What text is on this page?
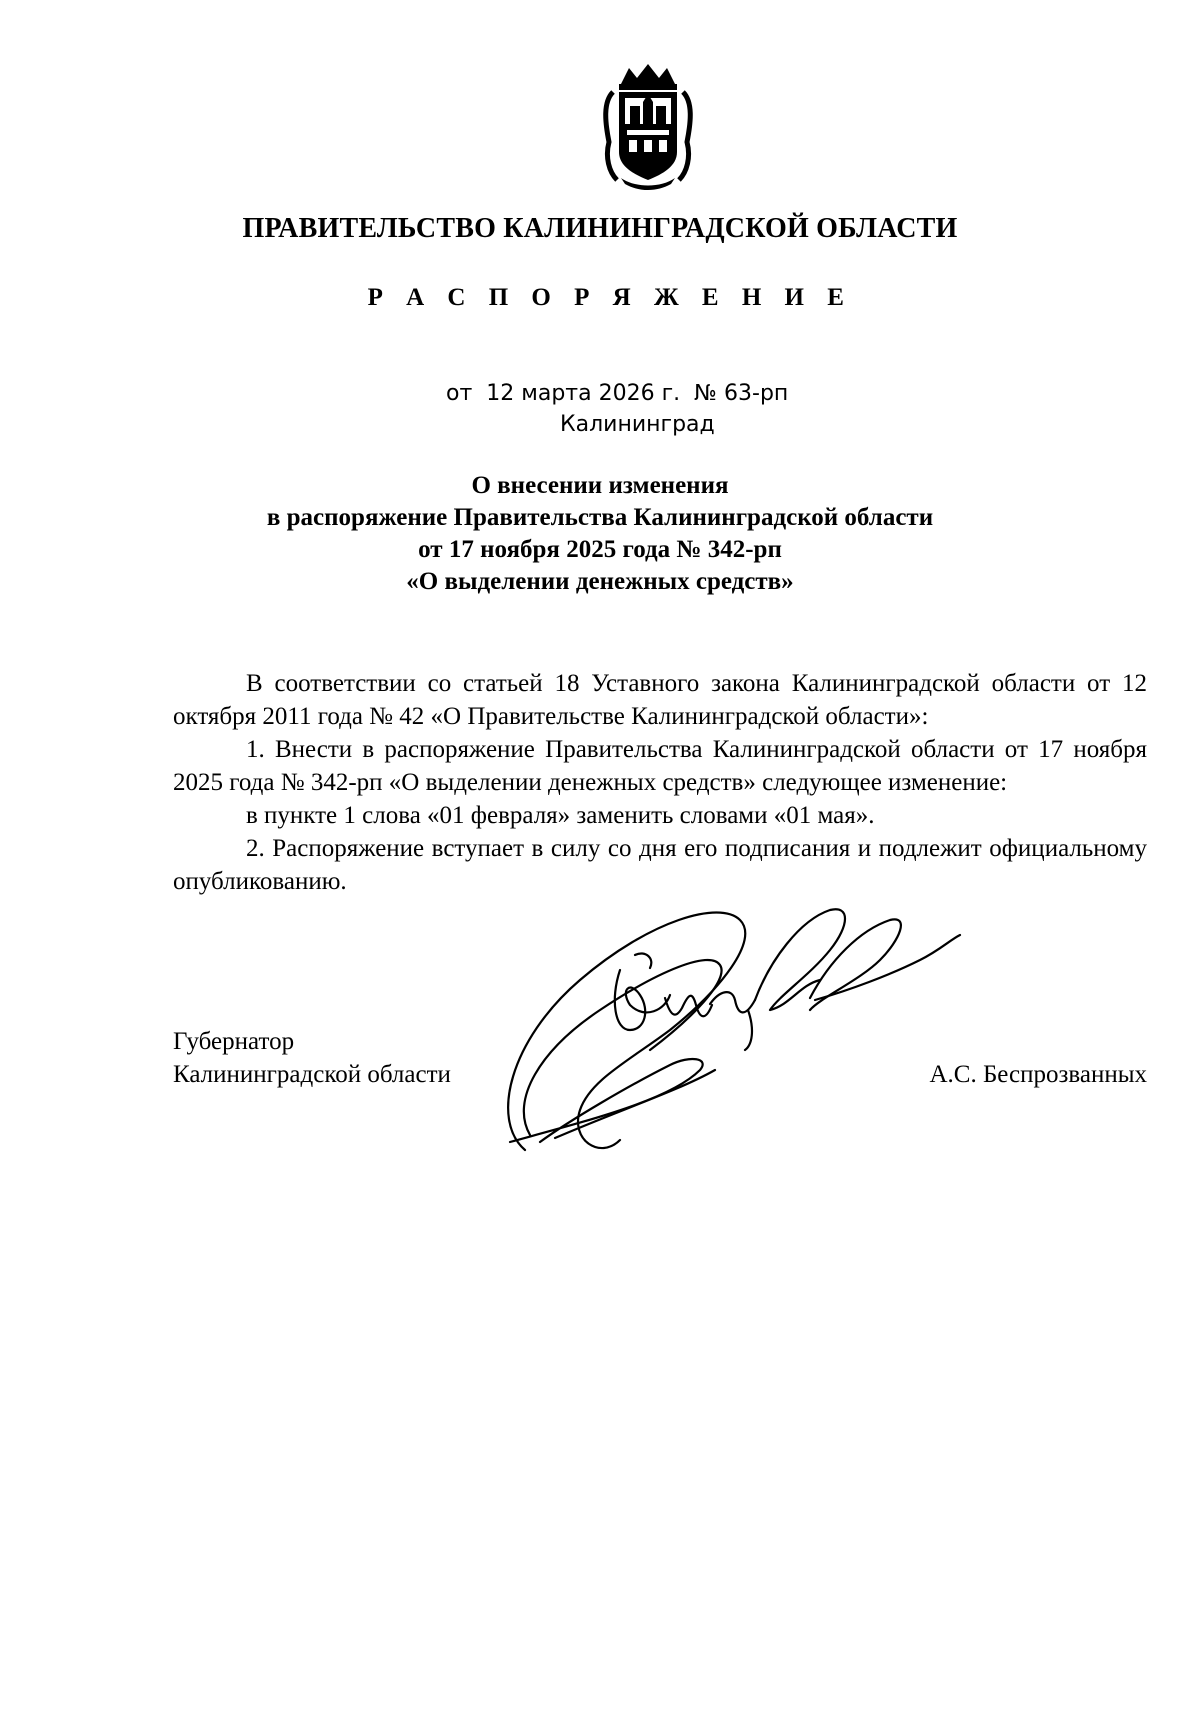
ПРАВИТЕЛЬСТВО КАЛИНИНГРАДСКОЙ ОБЛАСТИ
Р А С П О Р Я Ж Е Н И Е
от 12 марта 2026 г. № 63-рп
Калининград
О внесении изменения
в распоряжение Правительства Калининградской области
от 17 ноября 2025 года № 342-рп
«О выделении денежных средств»

В соответствии со статьей 18 Уставного закона Калининградской области от 12 октября 2011 года № 42 «О Правительстве Калининградской области»:

1. Внести в распоряжение Правительства Калининградской области от 17 ноября 2025 года № 342-рп «О выделении денежных средств» следующее изменение:

в пункте 1 слова «01 февраля» заменить словами «01 мая».

2. Распоряжение вступает в силу со дня его подписания и подлежит официальному опубликованию.

Губернатор
Калининградской области	А.С. Беспрозванных
